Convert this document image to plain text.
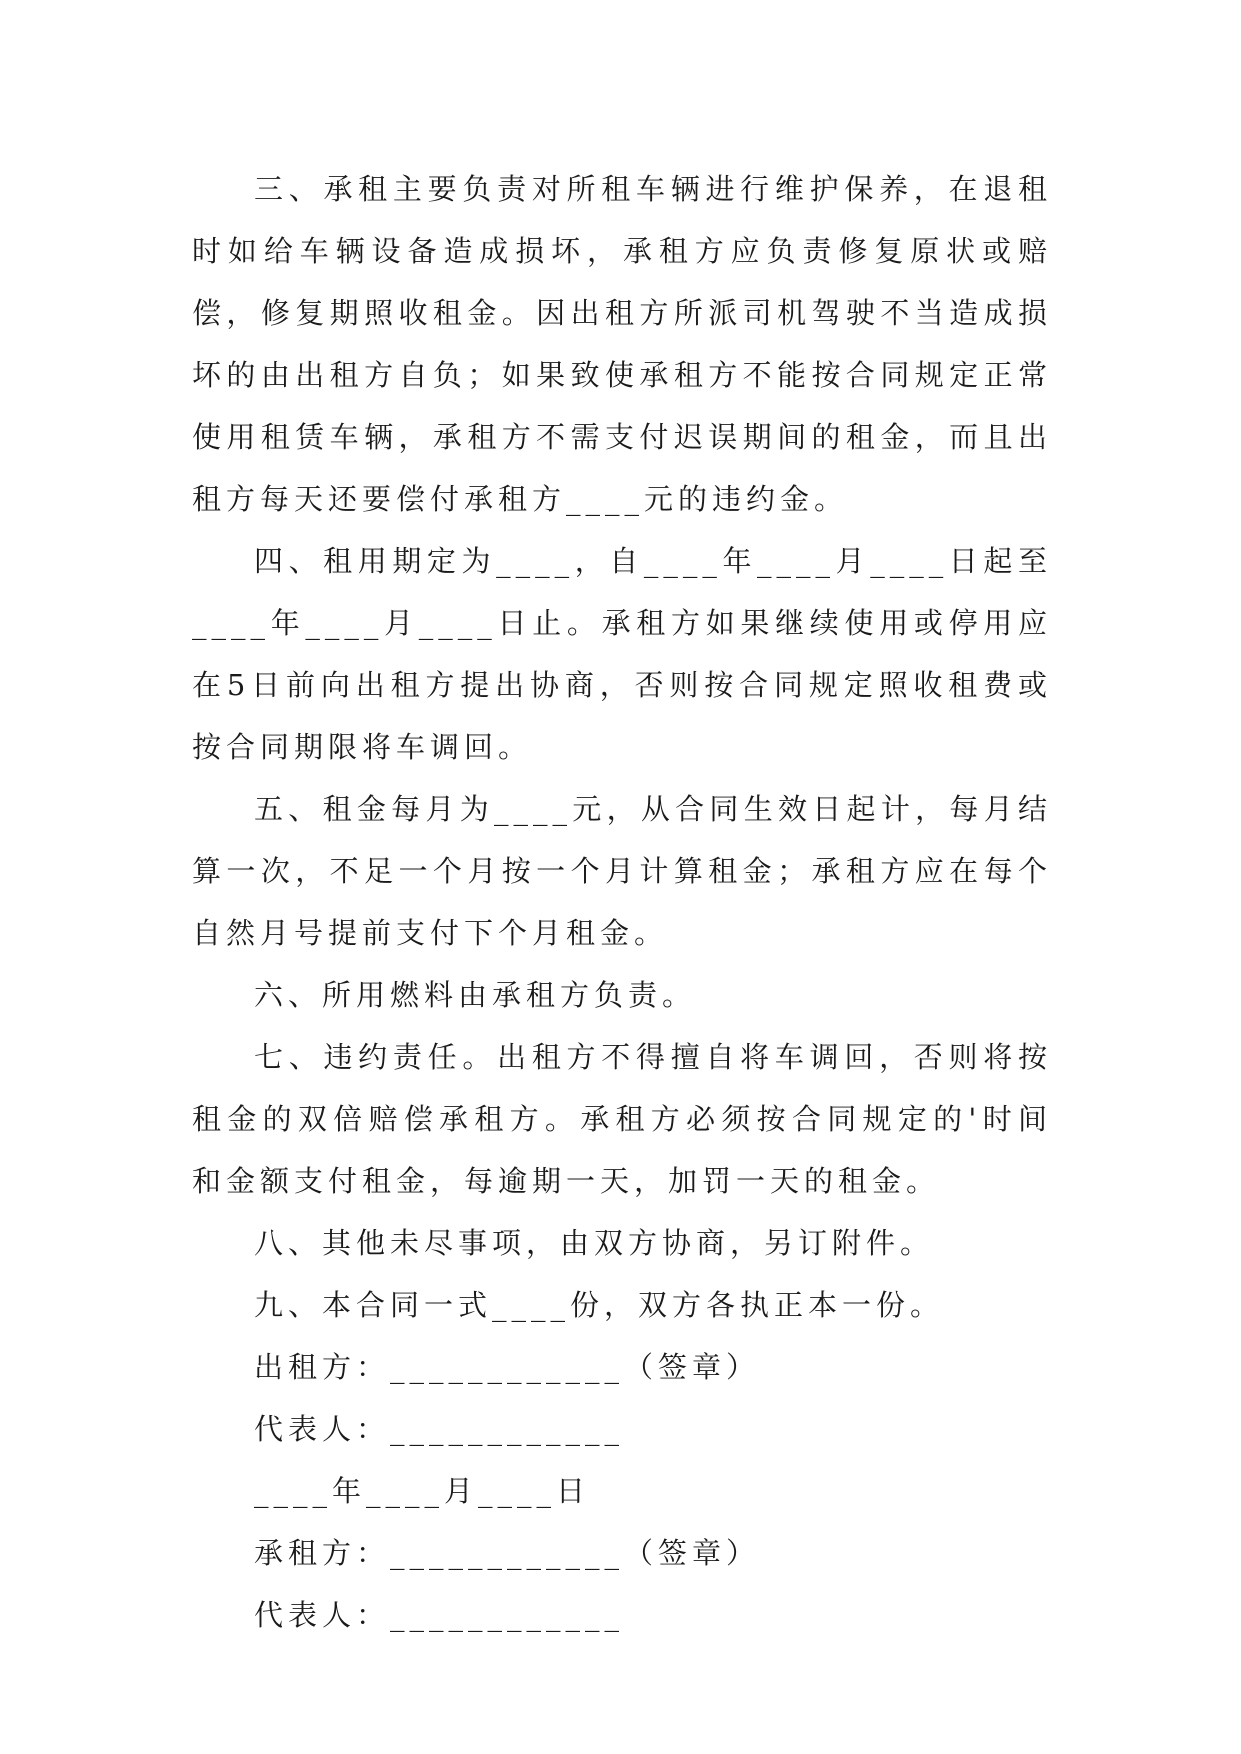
三、承租主要负责对所租车辆进行维护保养，在退租时如给车辆设备造成损坏，承租方应负责修复原状或赔偿，修复期照收租金。因出租方所派司机驾驶不当造成损坏的由出租方自负；如果致使承租方不能按合同规定正常使用租赁车辆，承租方不需支付迟误期间的租金，而且出租方每天还要偿付承租方____元的违约金。

四、租用期定为____，自____年____月____日起至____年____月____日止。承租方如果继续使用或停用应在5日前向出租方提出协商，否则按合同规定照收租费或按合同期限将车调回。

五、租金每月为____元，从合同生效日起计，每月结算一次，不足一个月按一个月计算租金；承租方应在每个自然月号提前支付下个月租金。

六、所用燃料由承租方负责。

七、违约责任。出租方不得擅自将车调回，否则将按租金的双倍赔偿承租方。承租方必须按合同规定的'时间和金额支付租金，每逾期一天，加罚一天的租金。

八、其他未尽事项，由双方协商，另订附件。

九、本合同一式____份，双方各执正本一份。

出租方：____________（签章）

代表人：____________

____年____月____日

承租方：____________（签章）

代表人：____________
